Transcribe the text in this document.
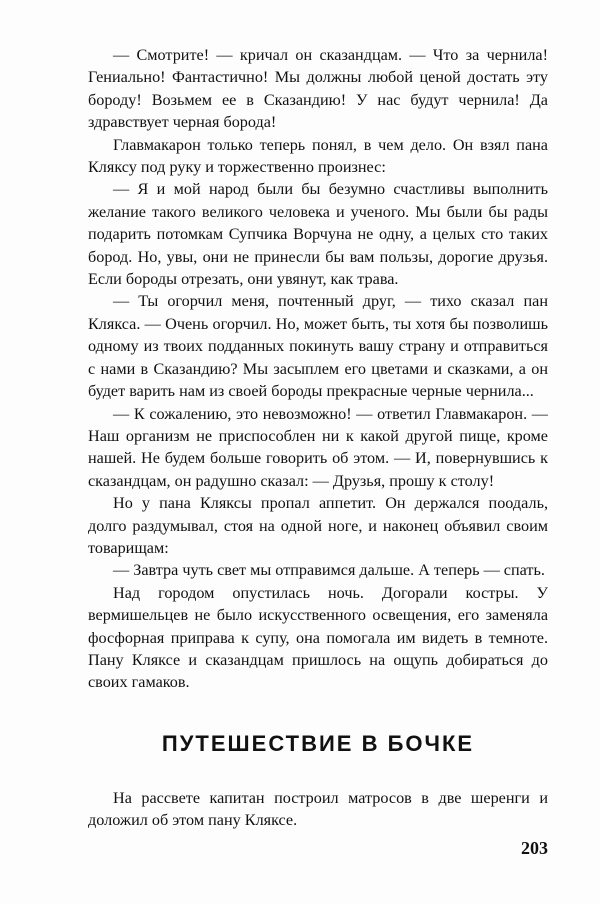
— Смотрите! — кричал он сказандцам. — Что за чернила! Гениально! Фантастично! Мы должны любой ценой достать эту бороду! Возьмем ее в Сказандию! У нас будут чернила! Да здравствует черная борода!

Главмакарон только теперь понял, в чем дело. Он взял пана Кляксу под руку и торжественно произнес:

— Я и мой народ были бы безумно счастливы выполнить желание такого великого человека и ученого. Мы были бы рады подарить потомкам Супчика Ворчуна не одну, а целых сто таких бород. Но, увы, они не принесли бы вам пользы, дорогие друзья. Если бороды отрезать, они увянут, как трава.

— Ты огорчил меня, почтенный друг, — тихо сказал пан Клякса. — Очень огорчил. Но, может быть, ты хотя бы позволишь одному из твоих подданных покинуть вашу страну и отправиться с нами в Сказандию? Мы засыплем его цветами и сказками, а он будет варить нам из своей бороды прекрасные черные чернила...

— К сожалению, это невозможно! — ответил Главмакарон. — Наш организм не приспособлен ни к какой другой пище, кроме нашей. Не будем больше говорить об этом. — И, повернувшись к сказандцам, он радушно сказал: — Друзья, прошу к столу!

Но у пана Кляксы пропал аппетит. Он держался поодаль, долго раздумывал, стоя на одной ноге, и наконец объявил своим товарищам:

— Завтра чуть свет мы отправимся дальше. А теперь — спать.

Над городом опустилась ночь. Догорали костры. У вермишельцев не было искусственного освещения, его заменяла фосфорная приправа к супу, она помогала им видеть в темноте. Пану Кляксе и сказандцам пришлось на ощупь добираться до своих гамаков.

ПУТЕШЕСТВИЕ В БОЧКЕ

На рассвете капитан построил матросов в две шеренги и доложил об этом пану Кляксе.

203
